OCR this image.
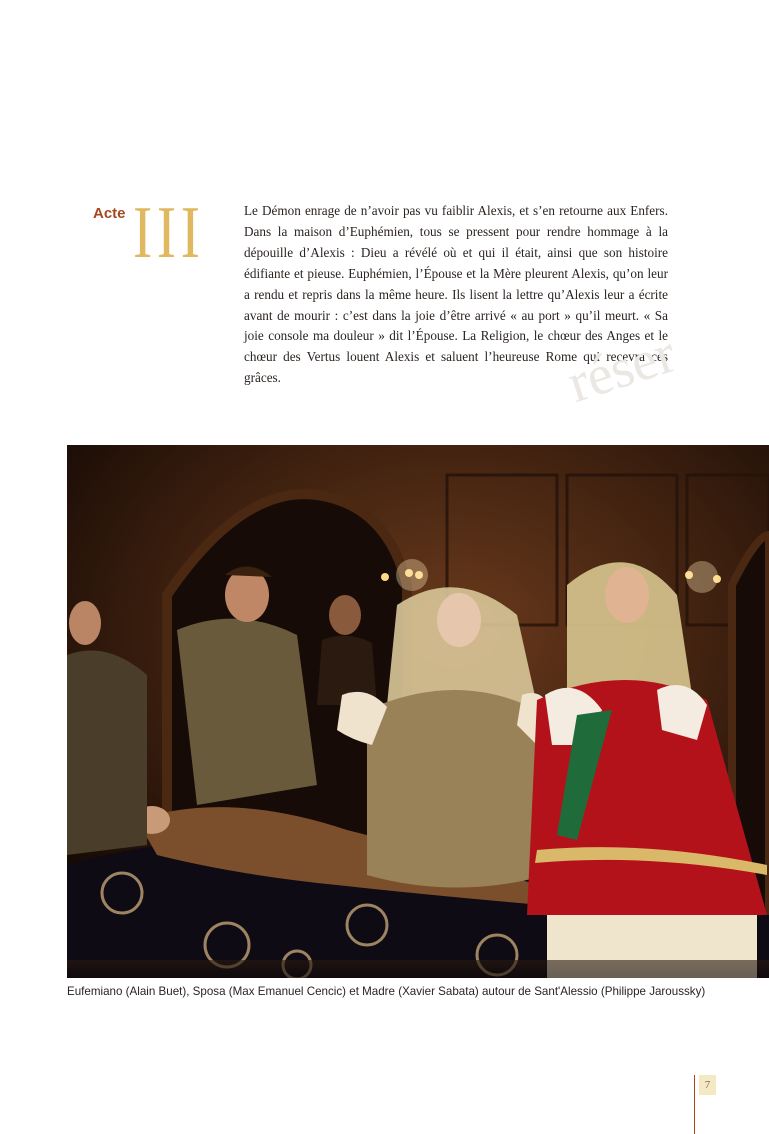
Acte III	Le Démon enrage de n’avoir pas vu faiblir Alexis, et s’en retourne aux Enfers. Dans la maison d’Euphémien, tous se pressent pour rendre hommage à la dépouille d’Alexis : Dieu a révélé où et qui il était, ainsi que son histoire édifiante et pieuse. Euphémien, l’Épouse et la Mère pleurent Alexis, qu’on leur a rendu et repris dans la même heure. Ils lisent la lettre qu’Alexis leur a écrite avant de mourir : c’est dans la joie d’être arrivé « au port » qu’il meurt. « Sa joie console ma douleur » dit l’Épouse. La Religion, le chœur des Anges et le chœur des Vertus louent Alexis et saluent l’heureuse Rome qui recevra ces grâces.	réser
Eufemiano (Alain Buet), Sposa (Max Emanuel Cencic) et Madre (Xavier Sabata) autour de Sant'Alessio (Philippe Jaroussky)
7
